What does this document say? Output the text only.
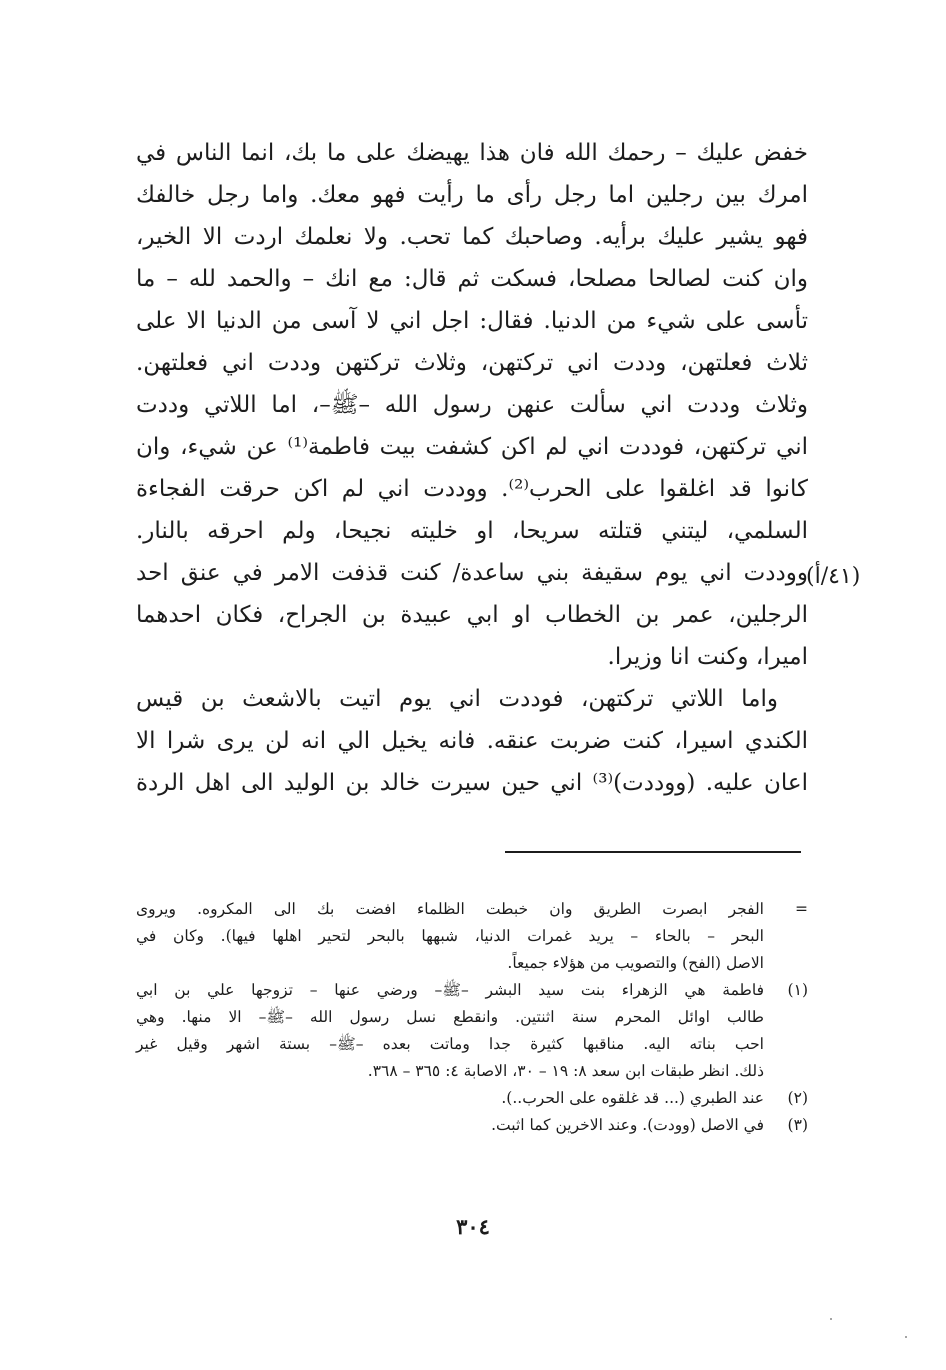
خفض عليك – رحمك الله فان هذا يهيضك على ما بك، انما الناس في
امرك بين رجلين اما رجل رأى ما رأيت فهو معك. واما رجل خالفك
فهو يشير عليك برأيه. وصاحبك كما تحب. ولا نعلمك اردت الا الخير،
وان كنت لصالحا مصلحا، فسكت ثم قال: مع انك – والحمد لله – ما
تأسى على شيء من الدنيا. فقال: اجل اني لا آسى من الدنيا الا على
ثلاث فعلتهن، وددت اني تركتهن، وثلاث تركتهن وددت اني فعلتهن.
وثلاث وددت اني سألت عنهن رسول الله –ﷺ–، اما اللاتي وددت
اني تركتهن، فوددت اني لم اكن كشفت بيت فاطمة⁽¹⁾ عن شيء، وان
كانوا قد اغلقوا على الحرب⁽²⁾. ووددت اني لم اكن حرقت الفجاءة
السلمي، ليتني قتلته سريحا، او خليته نجيحا، ولم احرقه بالنار.
ووددت اني يوم سقيفة بني ساعدة/ كنت قذفت الامر في عنق احد
الرجلين، عمر بن الخطاب او ابي عبيدة بن الجراح، فكان احدهما
اميرا، وكنت انا وزيرا.
واما اللاتي تركتهن، فوددت اني يوم اتيت بالاشعث بن قيس
الكندي اسيرا، كنت ضربت عنقه. فانه يخيل الي انه لن يرى شرا الا
اعان عليه. (ووددت)⁽³⁾ اني حين سيرت خالد بن الوليد الى اهل الردة
(٤١/أ)
=
الفجر ابصرت الطريق وان خبطت الظلماء افضت بك الى المكروه. ويروى
البحر – بالحاء – يريد غمرات الدنيا، شبهها بالبحر لتحير اهلها فيها). وكان في
الاصل (الفح) والتصويب من هؤلاء جميعاً.
(١)
فاطمة هي الزهراء بنت سيد البشر –ﷺ– ورضي عنها – تزوجها علي بن ابي
طالب اوائل المحرم سنة اثنتين. وانقطع نسل رسول الله –ﷺ– الا منها. وهي
احب بناته اليه. مناقبها كثيرة جدا وماتت بعده –ﷺ– بستة اشهر وقيل غير
ذلك. انظر طبقات ابن سعد ٨: ١٩ – ٣٠، الاصابة ٤: ٣٦٥ – ٣٦٨.
(٢)
عند الطبري (... قد غلقوه على الحرب..).
(٣)
في الاصل (وودت). وعند الاخرين كما اثبت.
٣٠٤
